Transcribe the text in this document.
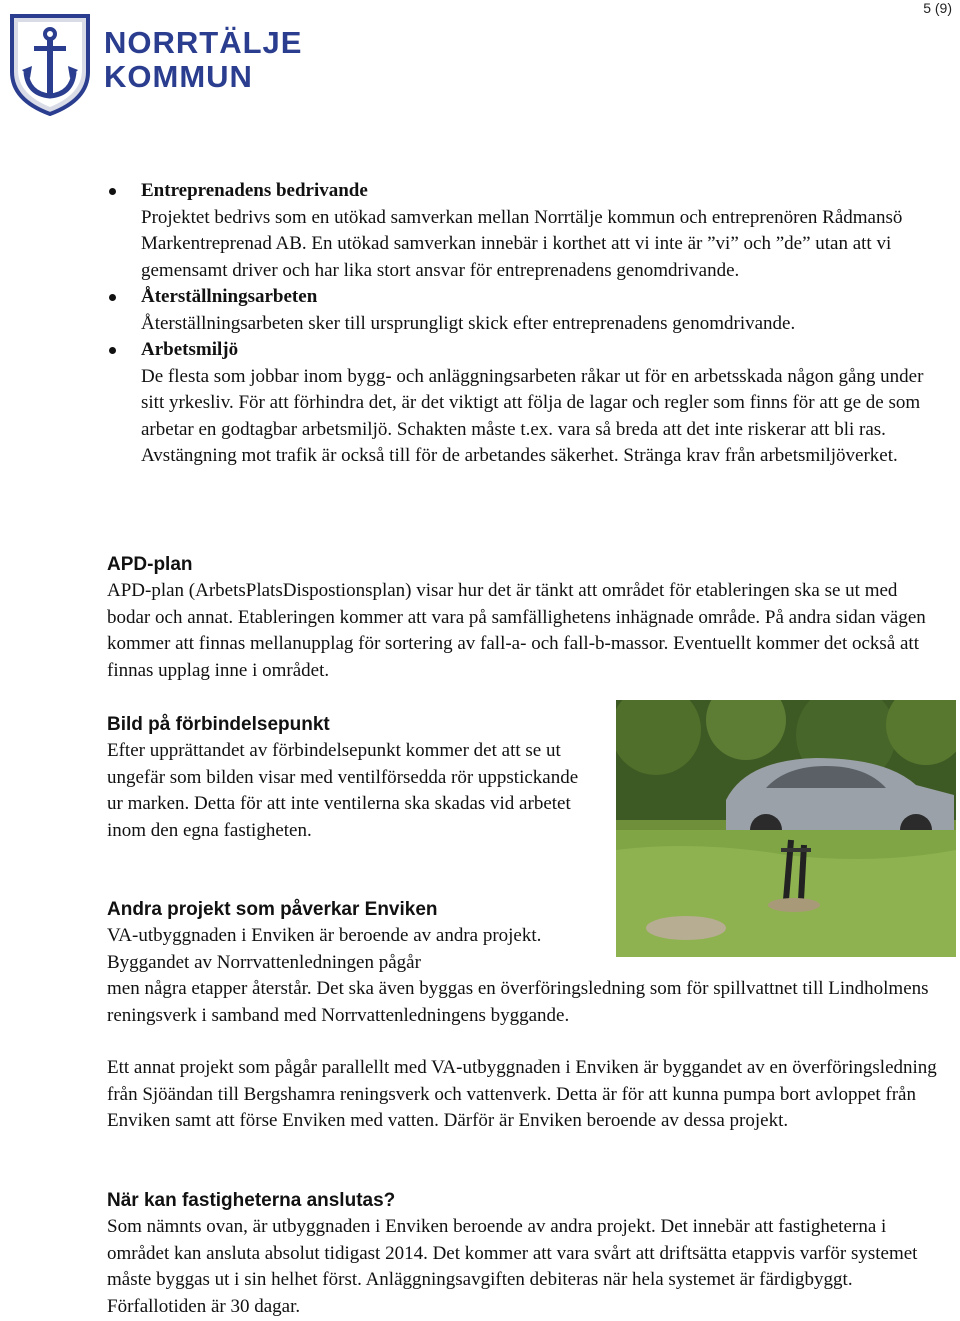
5 (9)
NORRTÄLJE
KOMMUN
Entreprenadens bedrivande

Projektet bedrivs som en utökad samverkan mellan Norrtälje kommun och entreprenören Rådmansö Markentreprenad AB. En utökad samverkan innebär i korthet att vi inte är ”vi” och ”de” utan att vi gemensamt driver och har lika stort ansvar för entreprenadens genomdrivande.

Återställningsarbeten

Återställningsarbeten sker till ursprungligt skick efter entreprenadens genomdrivande.

Arbetsmiljö

De flesta som jobbar inom bygg- och anläggningsarbeten råkar ut för en arbetsskada någon gång under sitt yrkesliv. För att förhindra det, är det viktigt att följa de lagar och regler som finns för att ge de som arbetar en godtagbar arbetsmiljö. Schakten måste t.ex. vara så breda att det inte riskerar att bli ras. Avstängning mot trafik är också till för de arbetandes säkerhet. Stränga krav från arbetsmiljöverket.

APD-plan

APD-plan (ArbetsPlatsDispostionsplan) visar hur det är tänkt att området för etableringen ska se ut med bodar och annat. Etableringen kommer att vara på samfällighetens inhägnade område. På andra sidan vägen kommer att finnas mellanupplag för sortering av fall-a- och fall-b-massor. Eventuellt kommer det också att finnas upplag inne i området.

Bild på förbindelsepunkt

Efter upprättandet av förbindelsepunkt kommer det att se ut ungefär som bilden visar med ventilförsedda rör uppstickande ur marken. Detta för att inte ventilerna ska skadas vid arbetet inom den egna fastigheten.

Andra projekt som påverkar Enviken

VA-utbyggnaden i Enviken är beroende av andra projekt. Byggandet av Norrvattenledningen pågår

men några etapper återstår. Det ska även byggas en överföringsledning som för spillvattnet till Lindholmens reningsverk i samband med Norrvattenledningens byggande.

Ett annat projekt som pågår parallellt med VA-utbyggnaden i Enviken är byggandet av en överföringsledning från Sjöändan till Bergshamra reningsverk och vattenverk. Detta är för att kunna pumpa bort avloppet från Enviken samt att förse Enviken med vatten. Därför är Enviken beroende av dessa projekt.

När kan fastigheterna anslutas?

Som nämnts ovan, är utbyggnaden i Enviken beroende av andra projekt. Det innebär att fastigheterna i området kan ansluta absolut tidigast 2014. Det kommer att vara svårt att driftsätta etappvis varför systemet måste byggas ut i sin helhet först. Anläggningsavgiften debiteras när hela systemet är färdigbyggt. Förfallotiden är 30 dagar.
